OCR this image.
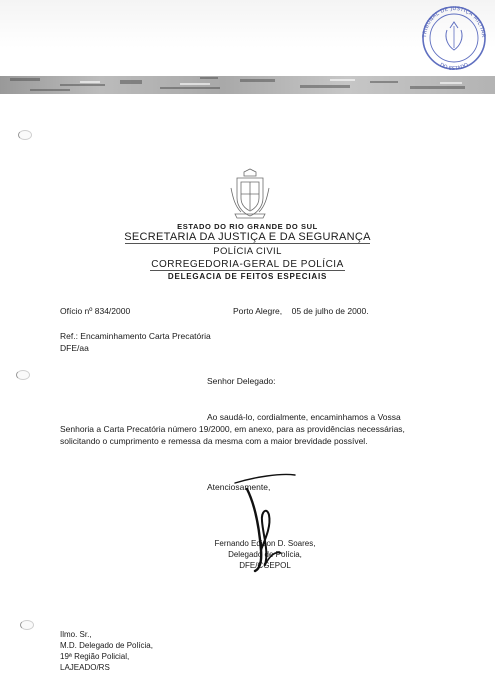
TRIBUNAL DE JUSTIÇA MILITAR
DO ESTADO
ESTADO DO RIO GRANDE DO SUL
SECRETARIA DA JUSTIÇA E DA SEGURANÇA
POLÍCIA CIVIL
CORREGEDORIA-GERAL DE POLÍCIA
DELEGACIA DE FEITOS ESPECIAIS
Ofício nº 834/2000	Porto Alegre,    05 de julho de 2000.
Ref.: Encaminhamento Carta Precatória
DFE/aa
Senhor Delegado:
Ao saudá-lo, cordialmente, encaminhamos a Vossa
Senhoria a Carta Precatória número 19/2000, em anexo, para as providências necessárias,
solicitando o cumprimento e remessa da mesma com a maior brevidade possível.
Atenciosamente,
Fernando Edison D. Soares,
Delegado de Polícia,
DFE/CGEPOL
Ilmo. Sr.,
M.D. Delegado de Polícia,
19ª Região Policial,
LAJEADO/RS
